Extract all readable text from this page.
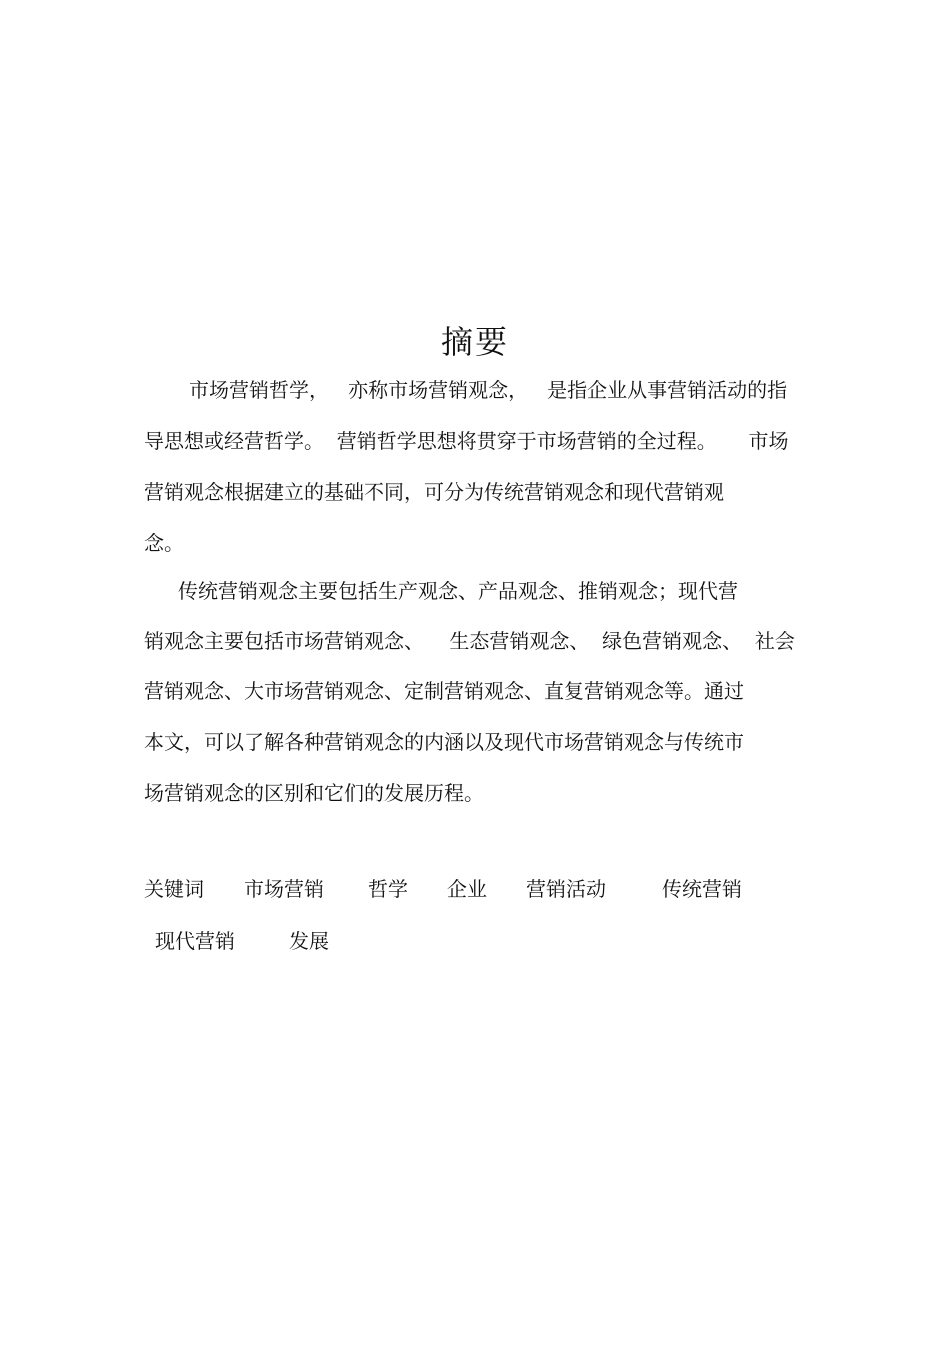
摘要
市场营销哲学，   亦称市场营销观念，   是指企业从事营销活动的指
导思想或经营哲学。  营销哲学思想将贯穿于市场营销的全过程。     市场
营销观念根据建立的基础不同，可分为传统营销观念和现代营销观
念。
传统营销观念主要包括生产观念、产品观念、推销观念；现代营
销观念主要包括市场营销观念、    生态营销观念、  绿色营销观念、  社会
营销观念、大市场营销观念、定制营销观念、直复营销观念等。通过
本文，可以了解各种营销观念的内涵以及现代市场营销观念与传统市
场营销观念的区别和它们的发展历程。
关键词 市场营销 哲学 企业 营销活动	传统营销
现代营销	发展
